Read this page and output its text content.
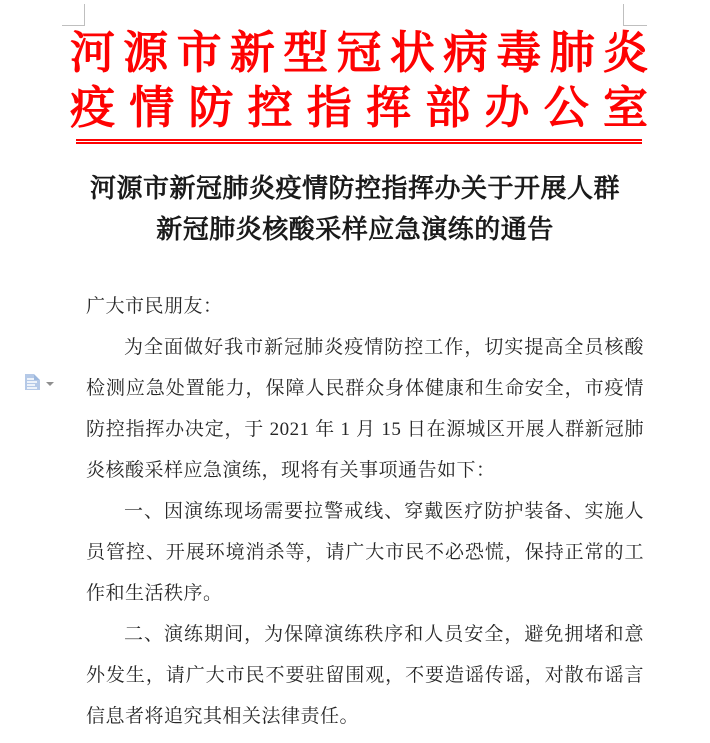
河源市新型冠状病毒肺炎
疫情防控指挥部办公室
河源市新冠肺炎疫情防控指挥办关于开展人群
新冠肺炎核酸采样应急演练的通告

广大市民朋友：

为全面做好我市新冠肺炎疫情防控工作，切实提高全员核酸检测应急处置能力，保障人民群众身体健康和生命安全，市疫情防控指挥办决定，于 2021 年 1 月 15 日在源城区开展人群新冠肺炎核酸采样应急演练，现将有关事项通告如下：

一、因演练现场需要拉警戒线、穿戴医疗防护装备、实施人员管控、开展环境消杀等，请广大市民不必恐慌，保持正常的工作和生活秩序。

二、演练期间，为保障演练秩序和人员安全，避免拥堵和意外发生，请广大市民不要驻留围观，不要造谣传谣，对散布谣言信息者将追究其相关法律责任。
